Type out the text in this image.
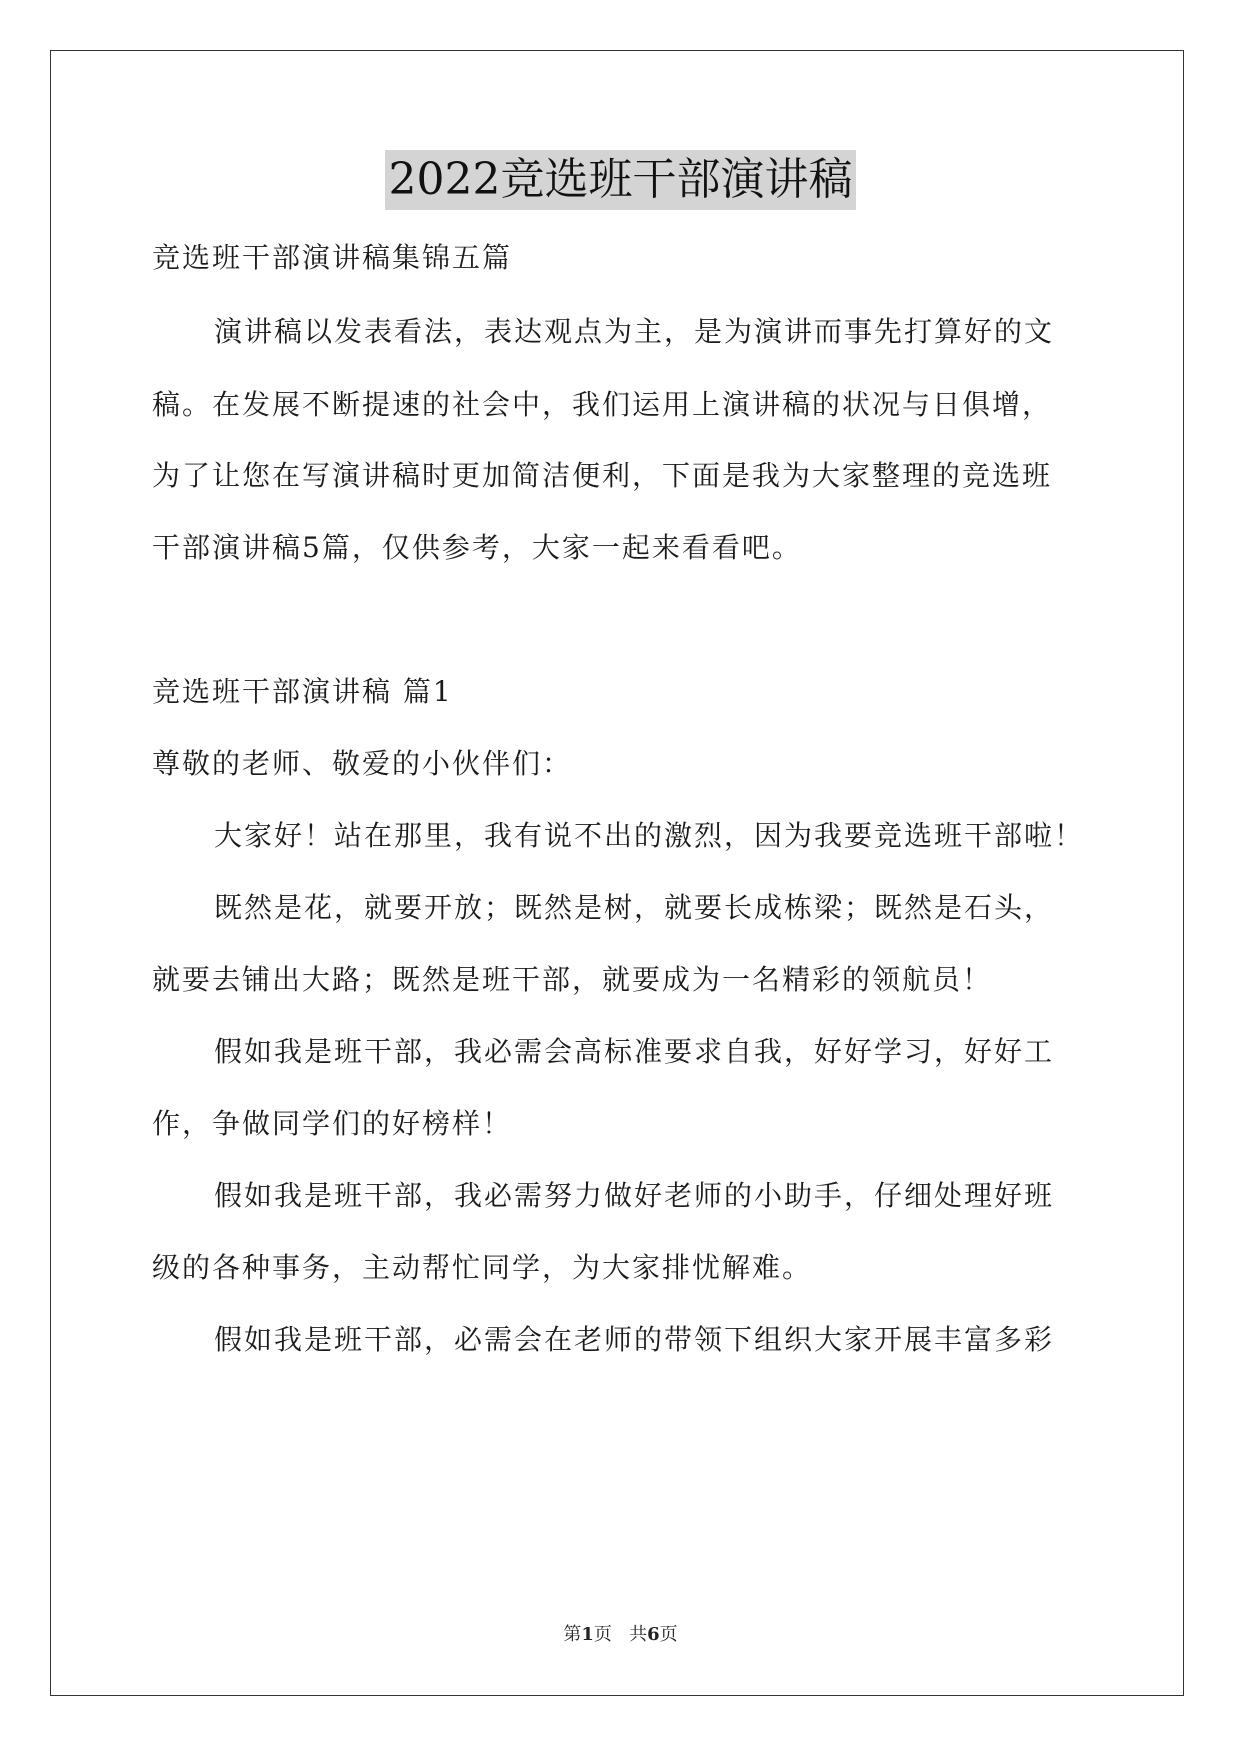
2022竞选班干部演讲稿
竞选班干部演讲稿集锦五篇
演讲稿以发表看法，表达观点为主，是为演讲而事先打算好的文
稿。在发展不断提速的社会中，我们运用上演讲稿的状况与日俱增，
为了让您在写演讲稿时更加简洁便利，下面是我为大家整理的竞选班
干部演讲稿5篇，仅供参考，大家一起来看看吧。
竞选班干部演讲稿 篇1
尊敬的老师、敬爱的小伙伴们：
大家好！站在那里，我有说不出的激烈，因为我要竞选班干部啦！
既然是花，就要开放；既然是树，就要长成栋梁；既然是石头，
就要去铺出大路；既然是班干部，就要成为一名精彩的领航员！
假如我是班干部，我必需会高标准要求自我，好好学习，好好工
作，争做同学们的好榜样！
假如我是班干部，我必需努力做好老师的小助手，仔细处理好班
级的各种事务，主动帮忙同学，为大家排忧解难。
假如我是班干部，必需会在老师的带领下组织大家开展丰富多彩
第1页   共6页
